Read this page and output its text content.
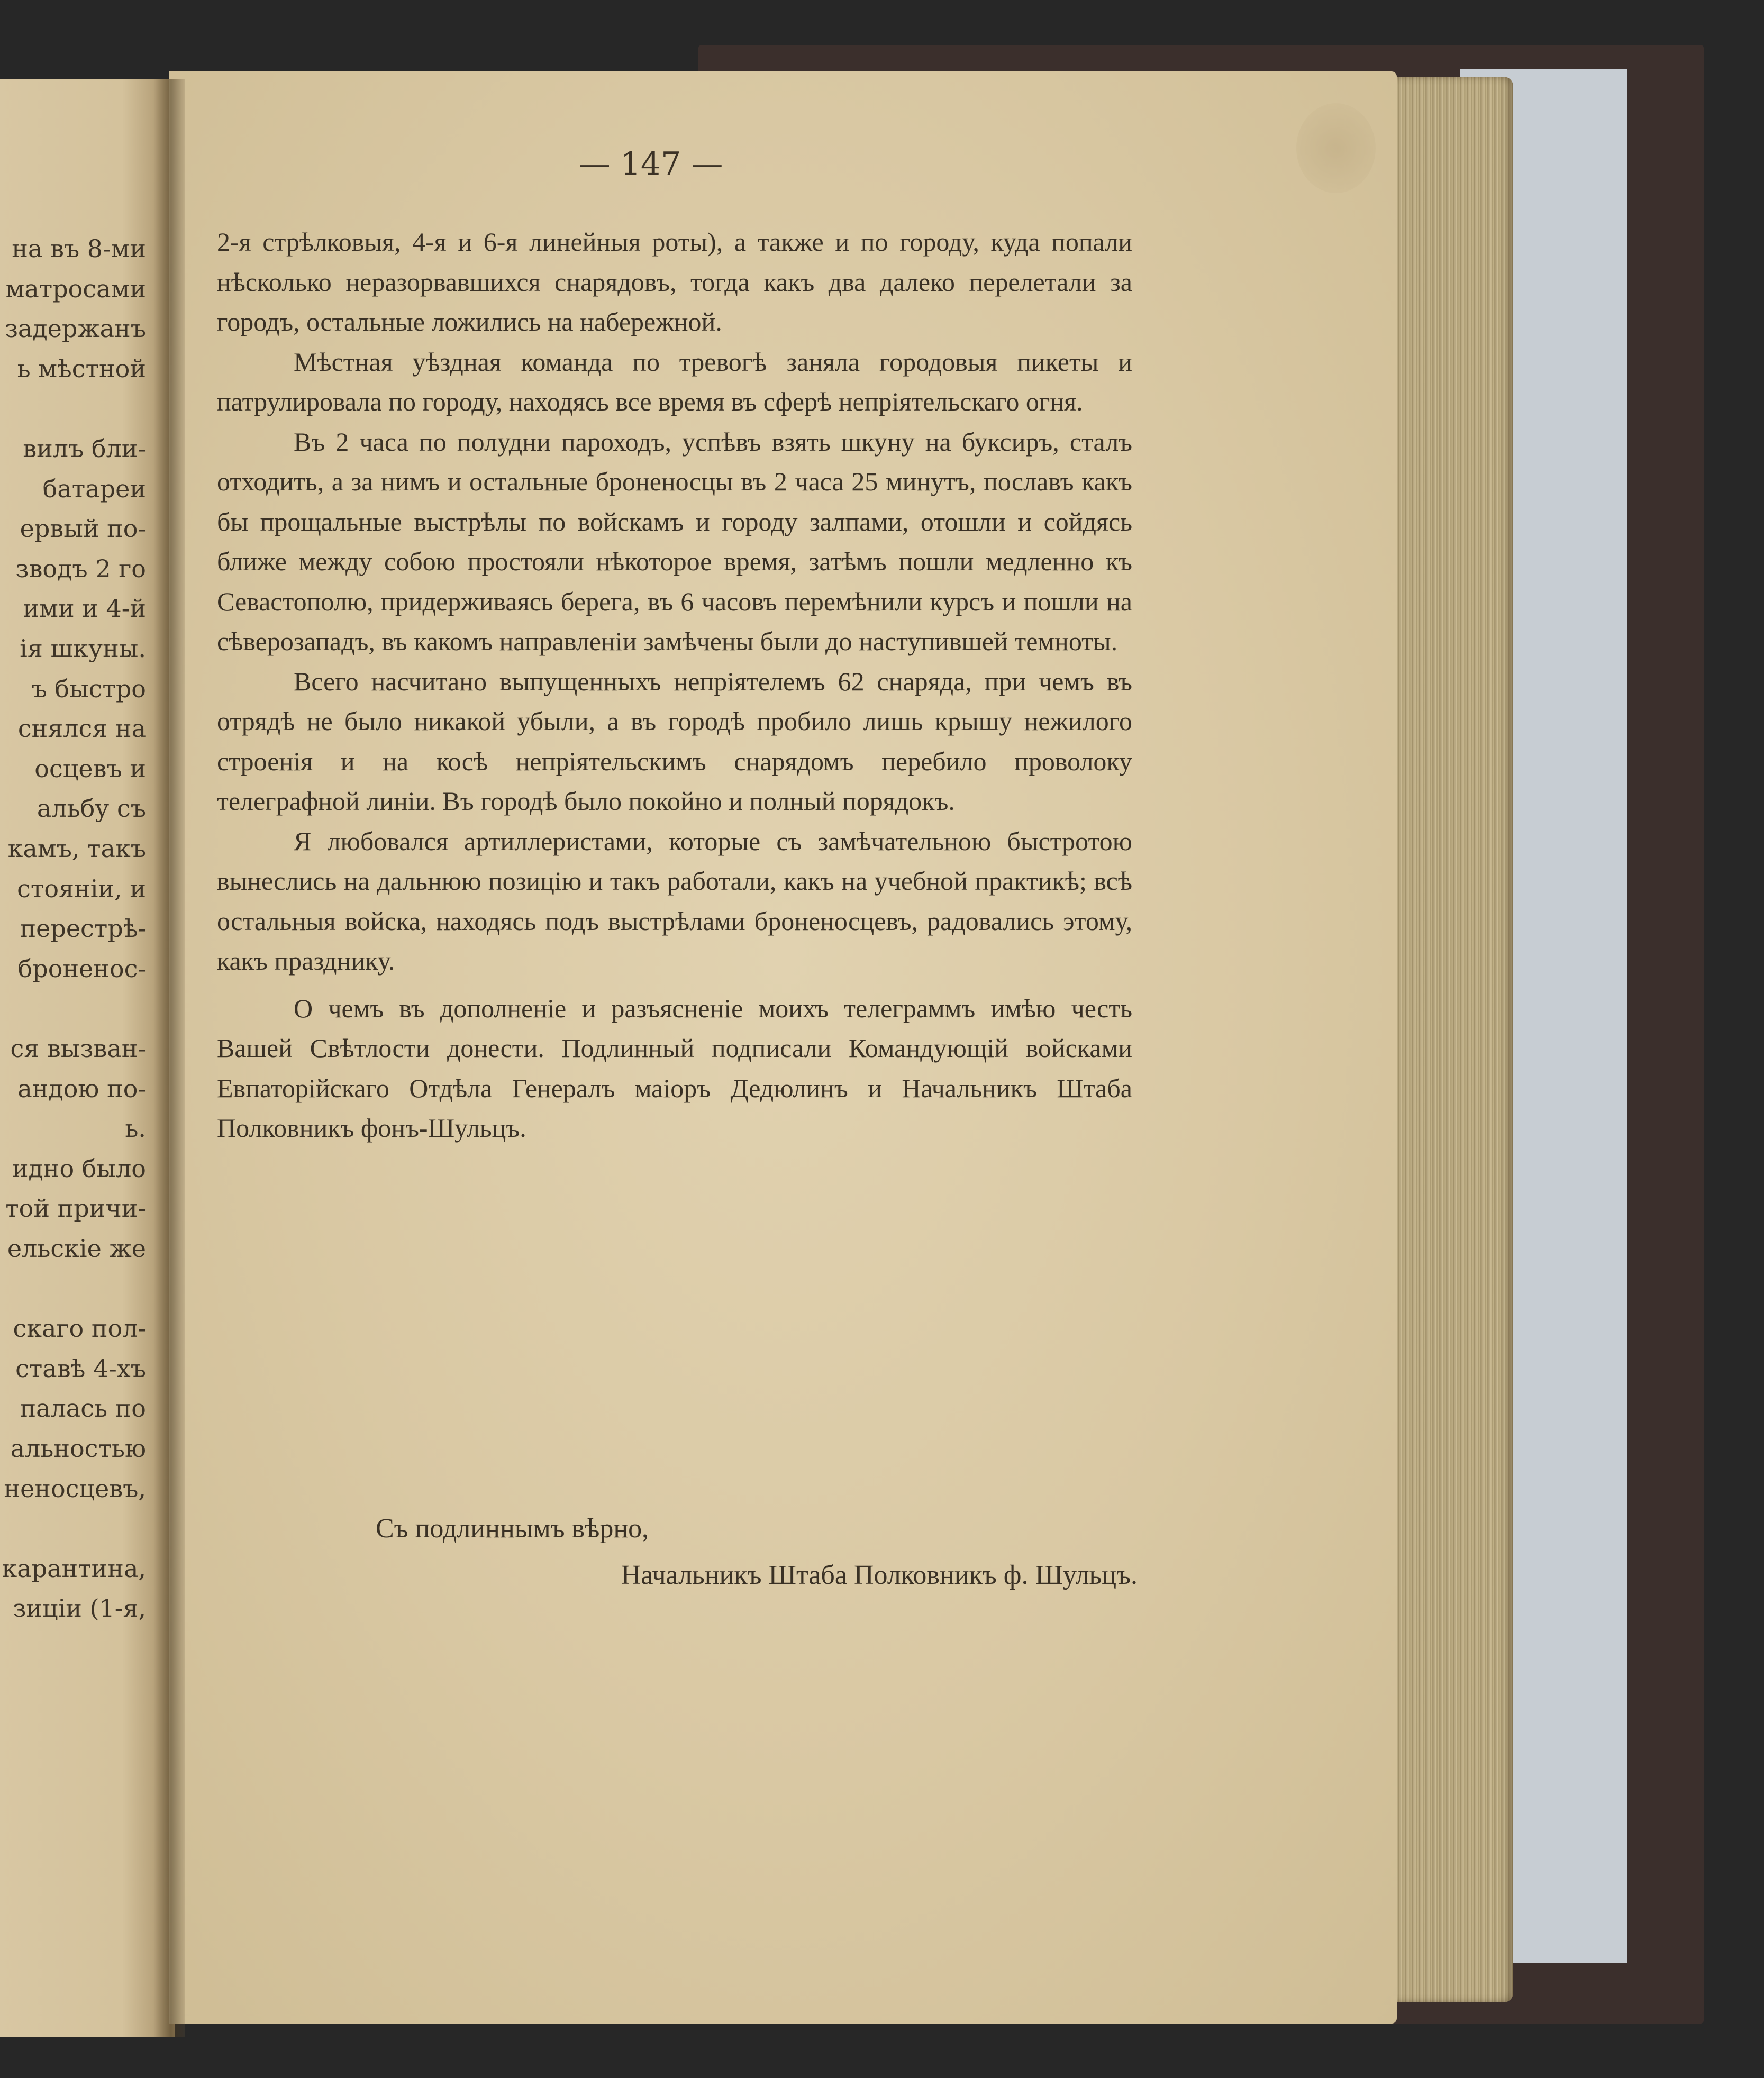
на въ 8-ми
матросами
задержанъ
ь мѣстной
вилъ бли-
батареи
ервый по-
зводъ 2 го
ими и 4-й
ія шкуны.
ъ быстро
снялся на
осцевъ и
альбу съ
камъ, такъ
стояніи, и
перестрѣ-
броненос-
ся вызван-
андою по-
ь.
идно было
той причи-
ельскіе же
скаго пол-
ставѣ 4-хъ
палась по
альностью
неносцевъ,
карантина,
зиціи (1-я,
— 147 —

2-я стрѣлковыя, 4-я и 6-я линейныя роты), а также и по городу, куда попали нѣсколько неразорвавшихся снарядовъ, тогда какъ два далеко перелетали за городъ, остальные ложились на набережной.

Мѣстная уѣздная команда по тревогѣ заняла городовыя пикеты и патрулировала по городу, находясь все время въ сферѣ непріятельскаго огня.

Въ 2 часа по полудни пароходъ, успѣвъ взять шкуну на буксиръ, сталъ отходить, а за нимъ и остальные броненосцы въ 2 часа 25 минутъ, пославъ какъ бы прощальные выстрѣлы по войскамъ и городу залпами, отошли и сойдясь ближе между собою простояли нѣкоторое время, затѣмъ пошли медленно къ Севастополю, придерживаясь берега, въ 6 часовъ перемѣнили курсъ и пошли на сѣверозападъ, въ какомъ направленіи замѣчены были до наступившей темноты.

Всего насчитано выпущенныхъ непріятелемъ 62 снаряда, при чемъ въ отрядѣ не было никакой убыли, а въ городѣ пробило лишь крышу нежилого строенія и на косѣ непріятельскимъ снарядомъ перебило проволоку телеграфной линіи. Въ городѣ было покойно и полный порядокъ.

Я любовался артиллеристами, которые съ замѣчательною быстротою вынеслись на дальнюю позицію и такъ работали, какъ на учебной практикѣ; всѣ остальныя войска, находясь подъ выстрѣлами броненосцевъ, радовались этому, какъ празднику.

О чемъ въ дополненіе и разъясненіе моихъ телеграммъ имѣю честь Вашей Свѣтлости донести. Подлинный подписали Командующій войсками Евпаторійскаго Отдѣла Генералъ маіоръ Дедюлинъ и Начальникъ Штаба Полковникъ фонъ-Шульцъ.

Съ подлиннымъ вѣрно,
Начальникъ Штаба Полковникъ ф. Шульцъ.
